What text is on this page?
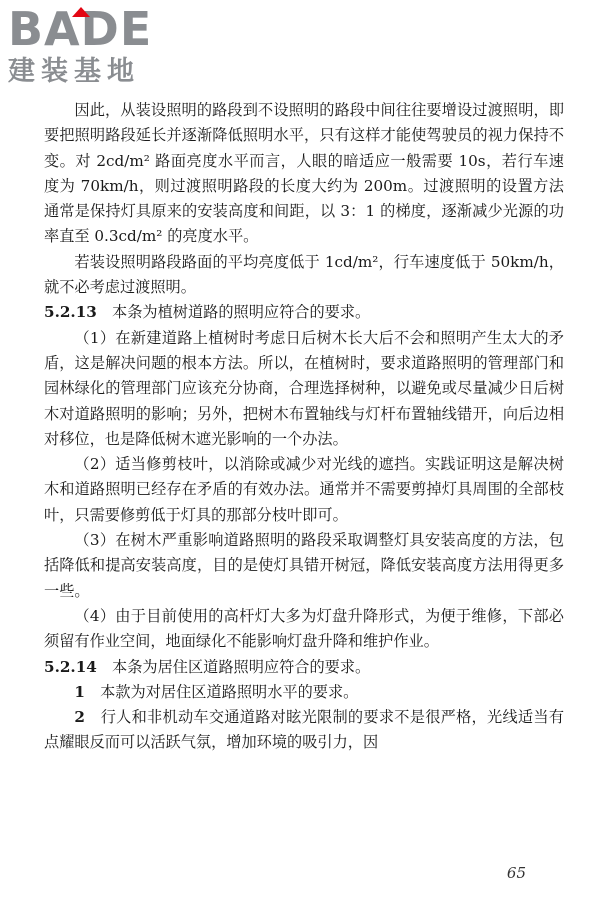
BADE
建装基地

因此，从装设照明的路段到不设照明的路段中间往往要增设过渡照明，即要把照明路段延长并逐渐降低照明水平，只有这样才能使驾驶员的视力保持不变。对 2cd/m² 路面亮度水平而言，人眼的暗适应一般需要 10s，若行车速度为 70km/h，则过渡照明路段的长度大约为 200m。过渡照明的设置方法通常是保持灯具原来的安装高度和间距，以 3：1 的梯度，逐渐减少光源的功率直至 0.3cd/m² 的亮度水平。

若装设照明路段路面的平均亮度低于 1cd/m²，行车速度低于 50km/h，就不必考虑过渡照明。

5.2.13　 本条为植树道路的照明应符合的要求。

（1）在新建道路上植树时考虑日后树木长大后不会和照明产生太大的矛盾，这是解决问题的根本方法。所以，在植树时，要求道路照明的管理部门和园林绿化的管理部门应该充分协商，合理选择树种，以避免或尽量减少日后树木对道路照明的影响；另外，把树木布置轴线与灯杆布置轴线错开，向后边相对移位，也是降低树木遮光影响的一个办法。

（2）适当修剪枝叶，以消除或减少对光线的遮挡。实践证明这是解决树木和道路照明已经存在矛盾的有效办法。通常并不需要剪掉灯具周围的全部枝叶，只需要修剪低于灯具的那部分枝叶即可。

（3）在树木严重影响道路照明的路段采取调整灯具安装高度的方法，包括降低和提高安装高度，目的是使灯具错开树冠，降低安装高度方法用得更多一些。

（4）由于目前使用的高杆灯大多为灯盘升降形式，为便于维修，下部必须留有作业空间，地面绿化不能影响灯盘升降和维护作业。

5.2.14　 本条为居住区道路照明应符合的要求。

1　 本款为对居住区道路照明水平的要求。

2　 行人和非机动车交通道路对眩光限制的要求不是很严格，光线适当有点耀眼反而可以活跃气氛，增加环境的吸引力，因

65
